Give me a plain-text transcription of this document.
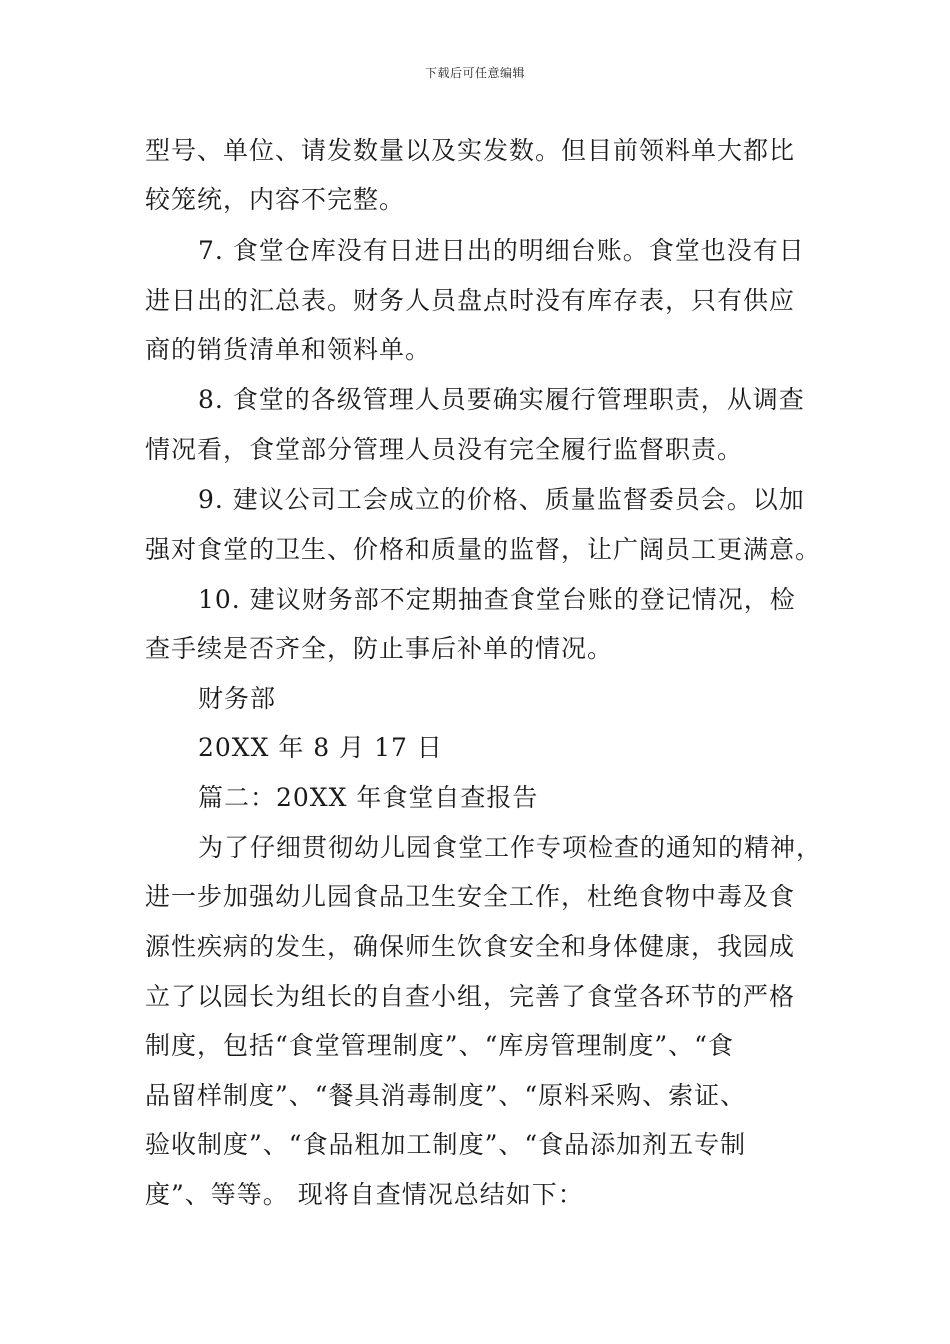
下载后可任意编辑
型号、单位、请发数量以及实发数。但目前领料单大都比
较笼统，内容不完整。
7. 食堂仓库没有日进日出的明细台账。食堂也没有日
进日出的汇总表。财务人员盘点时没有库存表，只有供应
商的销货清单和领料单。
8. 食堂的各级管理人员要确实履行管理职责，从调查
情况看，食堂部分管理人员没有完全履行监督职责。
9. 建议公司工会成立的价格、质量监督委员会。以加
强对食堂的卫生、价格和质量的监督，让广阔员工更满意。
10. 建议财务部不定期抽查食堂台账的登记情况，检
查手续是否齐全，防止事后补单的情况。
财务部
20XX 年 8 月 17 日
篇二：20XX 年食堂自查报告
为了仔细贯彻幼儿园食堂工作专项检查的通知的精神，
进一步加强幼儿园食品卫生安全工作，杜绝食物中毒及食
源性疾病的发生，确保师生饮食安全和身体健康，我园成
立了以园长为组长的自查小组，完善了食堂各环节的严格
制度，包括“食堂管理制度”、“库房管理制度”、“食
品留样制度”、“餐具消毒制度”、“原料采购、索证、
验收制度”、“食品粗加工制度”、“食品添加剂五专制
度”、等等。 现将自查情况总结如下：
